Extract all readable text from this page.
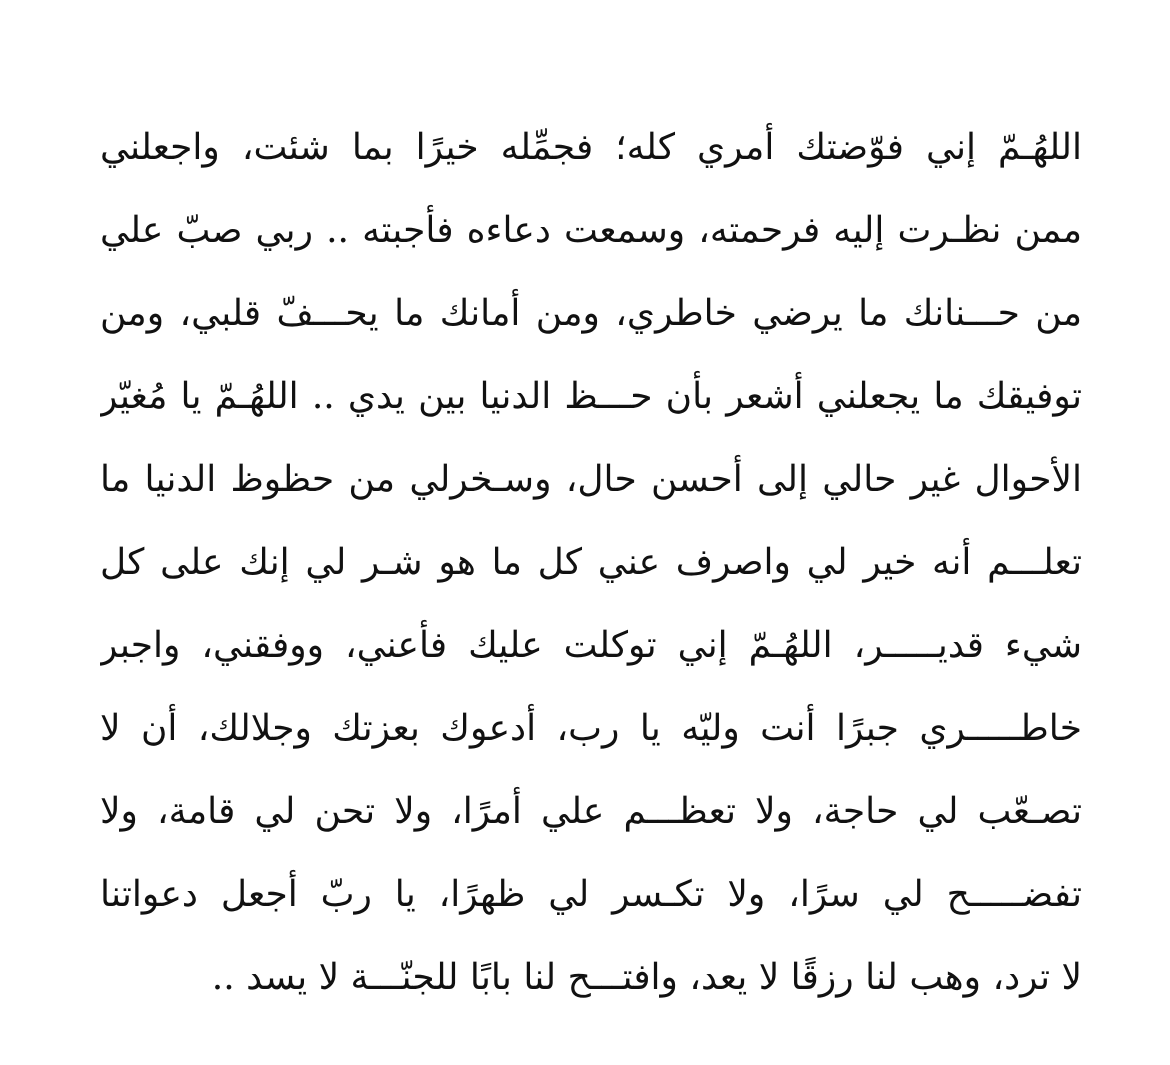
اللهُـمّ إني فوّضتك أمري كله؛ فجمِّله خيرًا بما شئت، واجعلني
ممن نظـرت إليه فرحمته، وسمعت دعاءه فأجبته .. ربي صبّ علي
من حـــنانك ما يرضي خاطري، ومن أمانك ما يحـــفّ قلبي، ومن
توفيقك ما يجعلني أشعر بأن حـــظ الدنيا بين يدي .. اللهُـمّ يا مُغيّر
الأحوال غير حالي إلى أحسن حال، وسـخرلي من حظوظ الدنيا ما
تعلـــم أنه خير لي واصرف عني كل ما هو شـر لي إنك على كل
شيء قديـــــر، اللهُـمّ إني توكلت عليك فأعني، ووفقني، واجبر
خاطـــــري جبرًا أنت وليّه يا رب، أدعوك بعزتك وجلالك، أن لا
تصـعّب لي حاجة، ولا تعظـــم علي أمرًا، ولا تحن لي قامة، ولا
تفضـــــح لي سرًا، ولا تكـسر لي ظهرًا، يا ربّ أجعل دعواتنا
لا ترد، وهب لنا رزقًا لا يعد، وافتـــح لنا بابًا للجنّـــة لا يسد ..
